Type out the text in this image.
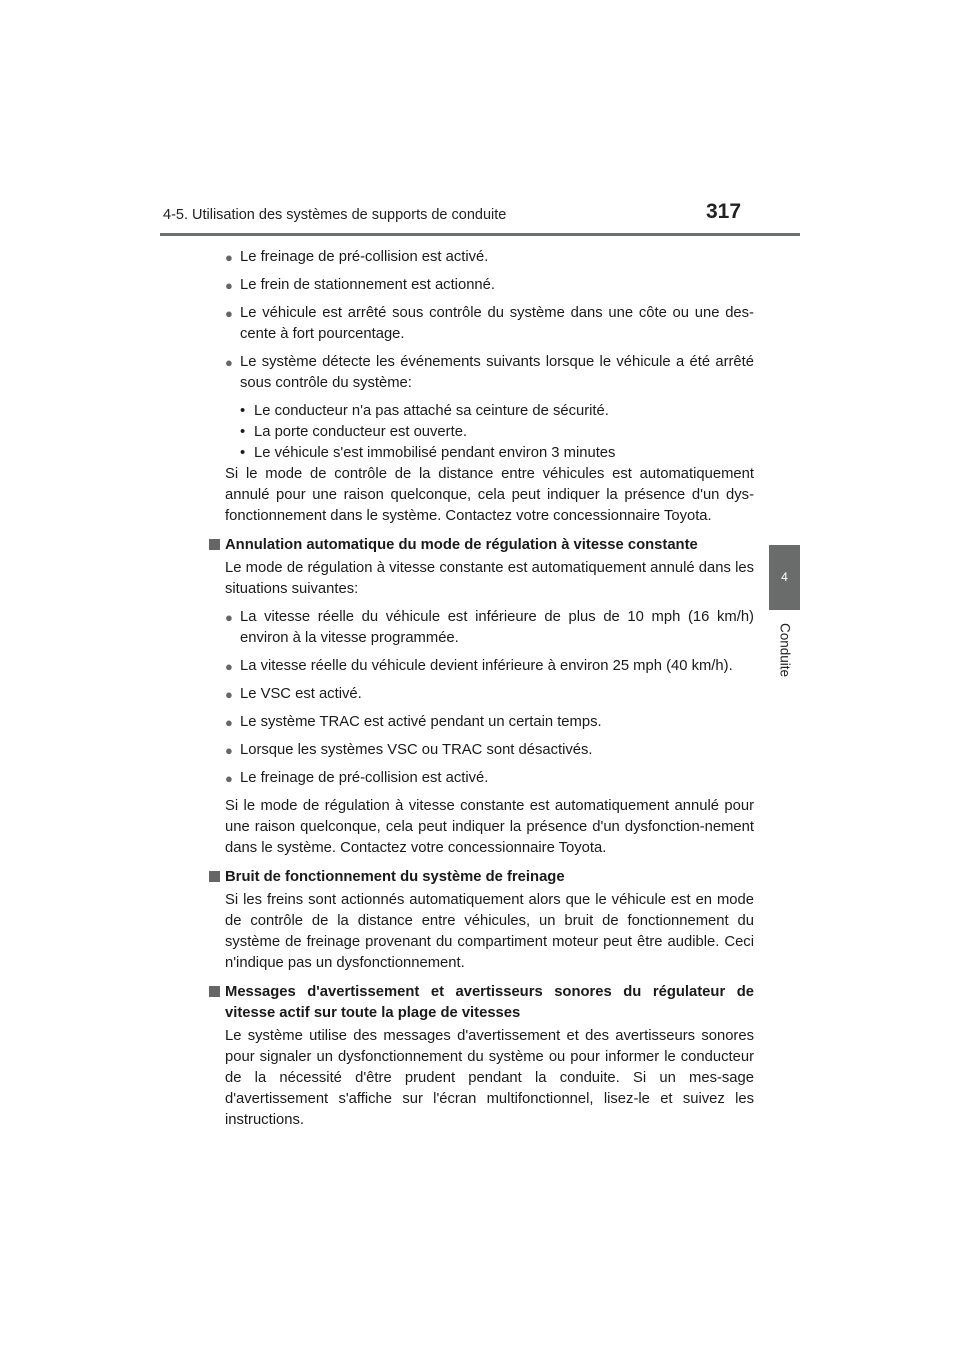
4-5. Utilisation des systèmes de supports de conduite	317
4
Conduite

● Le freinage de pré-collision est activé.

● Le frein de stationnement est actionné.

● Le véhicule est arrêté sous contrôle du système dans une côte ou une des-cente à fort pourcentage.

● Le système détecte les événements suivants lorsque le véhicule a été arrêté sous contrôle du système:

• Le conducteur n'a pas attaché sa ceinture de sécurité.

• La porte conducteur est ouverte.

• Le véhicule s'est immobilisé pendant environ 3 minutes

Si le mode de contrôle de la distance entre véhicules est automatiquement annulé pour une raison quelconque, cela peut indiquer la présence d'un dys-fonctionnement dans le système. Contactez votre concessionnaire Toyota.

Annulation automatique du mode de régulation à vitesse constante

Le mode de régulation à vitesse constante est automatiquement annulé dans les situations suivantes:

● La vitesse réelle du véhicule est inférieure de plus de 10 mph (16 km/h) environ à la vitesse programmée.

● La vitesse réelle du véhicule devient inférieure à environ 25 mph (40 km/h).

● Le VSC est activé.

● Le système TRAC est activé pendant un certain temps.

● Lorsque les systèmes VSC ou TRAC sont désactivés.

● Le freinage de pré-collision est activé.

Si le mode de régulation à vitesse constante est automatiquement annulé pour une raison quelconque, cela peut indiquer la présence d'un dysfonction-nement dans le système. Contactez votre concessionnaire Toyota.

Bruit de fonctionnement du système de freinage

Si les freins sont actionnés automatiquement alors que le véhicule est en mode de contrôle de la distance entre véhicules, un bruit de fonctionnement du système de freinage provenant du compartiment moteur peut être audible. Ceci n'indique pas un dysfonctionnement.

Messages d'avertissement et avertisseurs sonores du régulateur de vitesse actif sur toute la plage de vitesses

Le système utilise des messages d'avertissement et des avertisseurs sonores pour signaler un dysfonctionnement du système ou pour informer le conducteur de la nécessité d'être prudent pendant la conduite. Si un mes-sage d'avertissement s'affiche sur l'écran multifonctionnel, lisez-le et suivez les instructions.
